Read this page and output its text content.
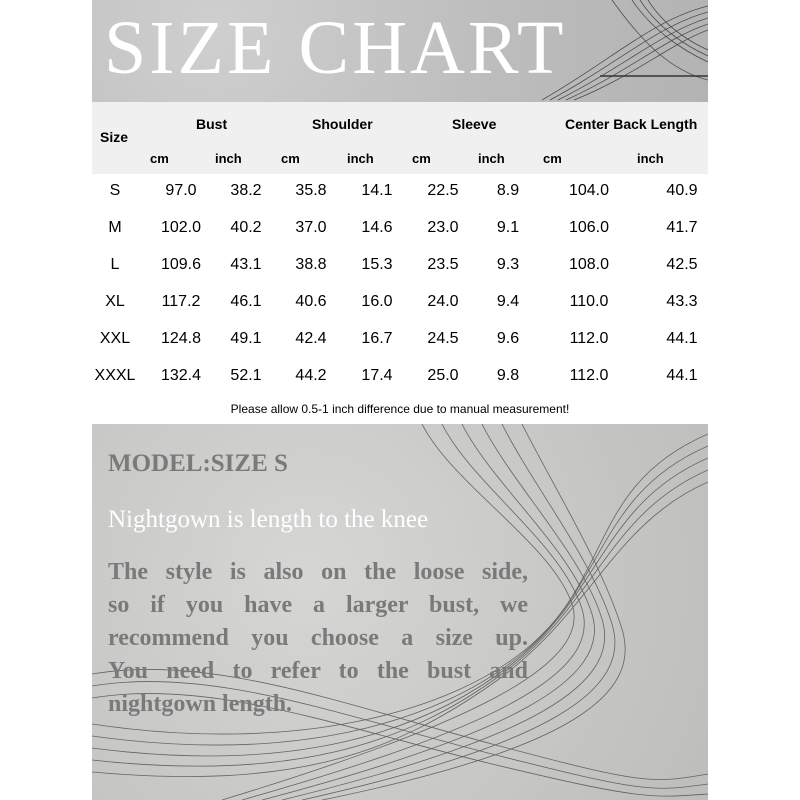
SIZE CHART
Size
Bust	Shoulder	Sleeve	Center Back Length
cm	inch	cm	inch	cm	inch	cm	inch
S	97.0	38.2	35.8	14.1	22.5	8.9	104.0	40.9
M	102.0	40.2	37.0	14.6	23.0	9.1	106.0	41.7
L	109.6	43.1	38.8	15.3	23.5	9.3	108.0	42.5
XL	117.2	46.1	40.6	16.0	24.0	9.4	110.0	43.3
XXL	124.8	49.1	42.4	16.7	24.5	9.6	112.0	44.1
XXXL	132.4	52.1	44.2	17.4	25.0	9.8	112.0	44.1
Please allow 0.5-1 inch difference due to manual measurement!
MODEL:SIZE S
Nightgown is length to the knee
The style is also on the loose side,
so if you have a larger bust, we
recommend you choose a size up.
You need to refer to the bust and
nightgown length.
